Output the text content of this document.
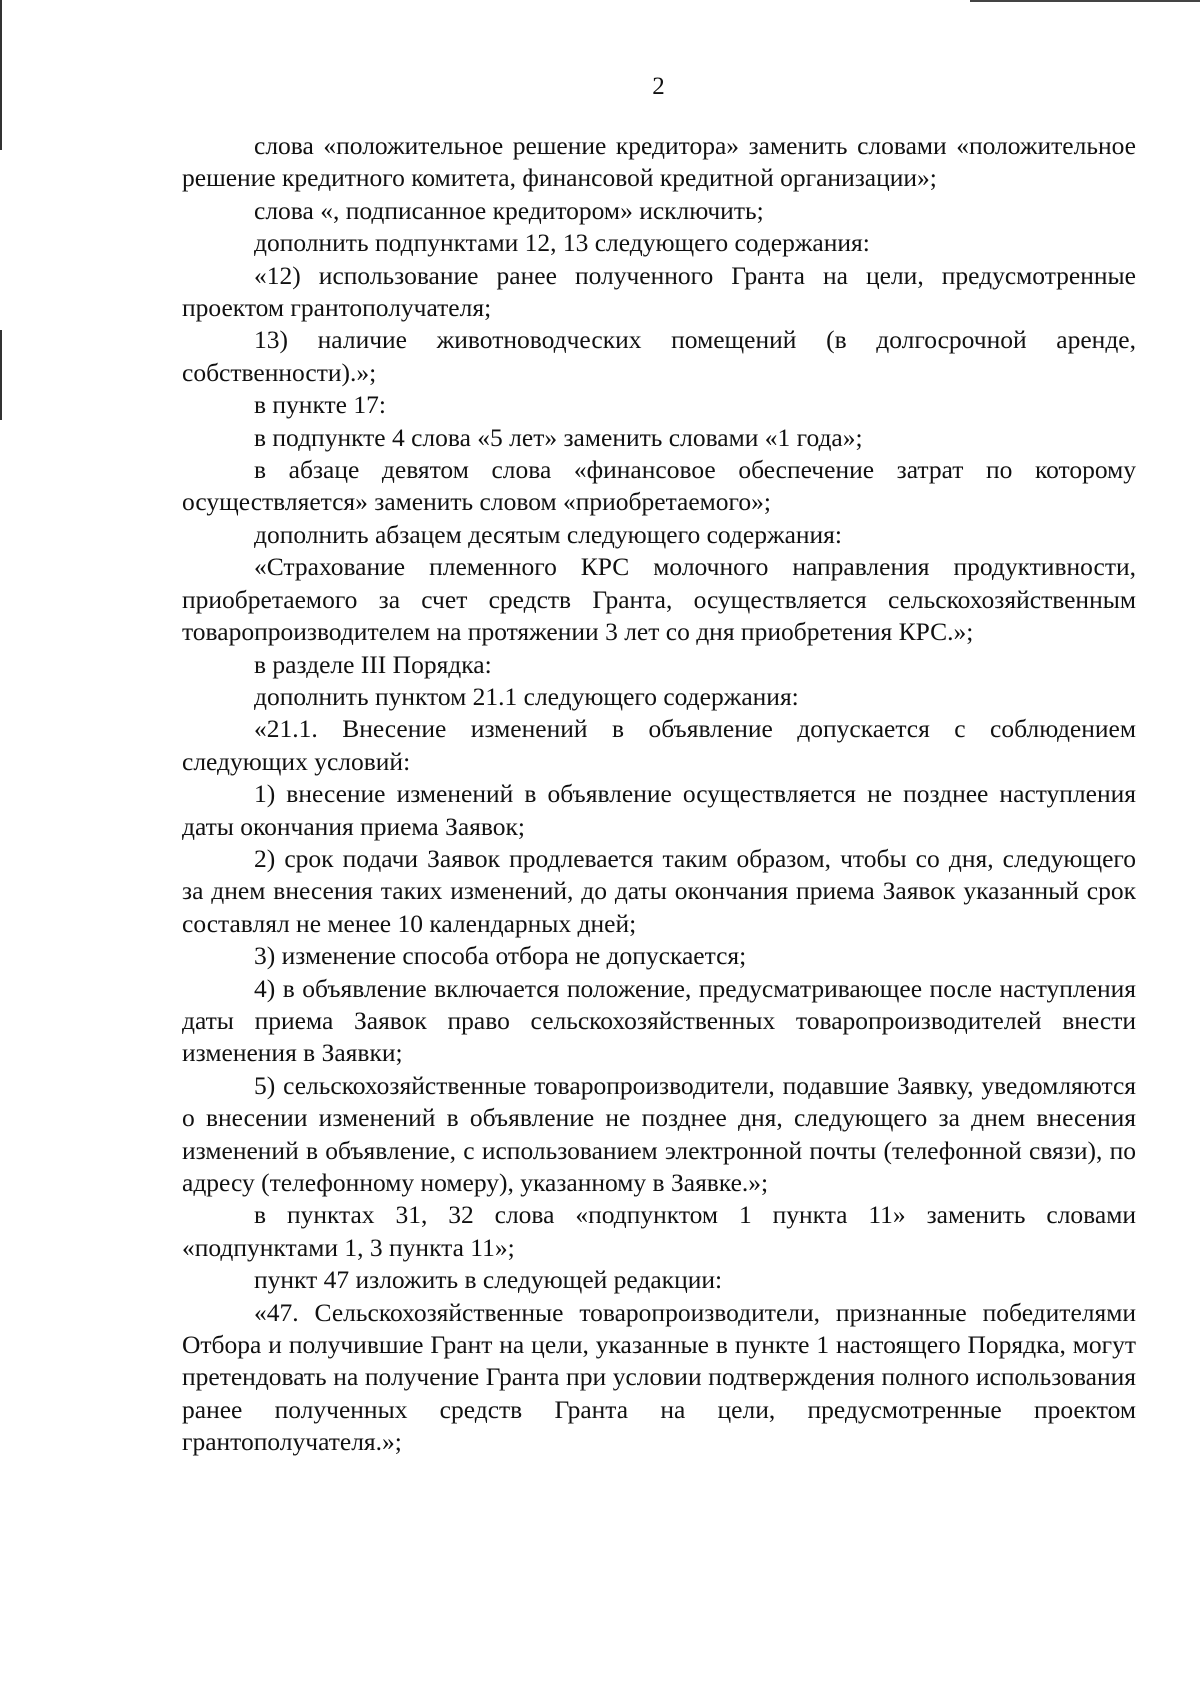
2

слова «положительное решение кредитора» заменить словами «положительное решение кредитного комитета, финансовой кредитной организации»;

слова «, подписанное кредитором» исключить;

дополнить подпунктами 12, 13 следующего содержания:

«12) использование ранее полученного Гранта на цели, предусмотренные проектом грантополучателя;

13) наличие животноводческих помещений (в долгосрочной аренде, собственности).»;

в пункте 17:

в подпункте 4 слова «5 лет» заменить словами «1 года»;

в абзаце девятом слова «финансовое обеспечение затрат по которому осуществляется» заменить словом «приобретаемого»;

дополнить абзацем десятым следующего содержания:

«Страхование племенного КРС молочного направления продуктивности, приобретаемого за счет средств Гранта, осуществляется сельскохозяйственным товаропроизводителем на протяжении 3 лет со дня приобретения КРС.»;

в разделе III Порядка:

дополнить пунктом 21.1 следующего содержания:

«21.1. Внесение изменений в объявление допускается с соблюдением следующих условий:

1) внесение изменений в объявление осуществляется не позднее наступления даты окончания приема Заявок;

2) срок подачи Заявок продлевается таким образом, чтобы со дня, следующего за днем внесения таких изменений, до даты окончания приема Заявок указанный срок составлял не менее 10 календарных дней;

3) изменение способа отбора не допускается;

4) в объявление включается положение, предусматривающее после наступления даты приема Заявок право сельскохозяйственных товаропроизводителей внести изменения в Заявки;

5) сельскохозяйственные товаропроизводители, подавшие Заявку, уведомляются о внесении изменений в объявление не позднее дня, следующего за днем внесения изменений в объявление, с использованием электронной почты (телефонной связи), по адресу (телефонному номеру), указанному в Заявке.»;

в пунктах 31, 32 слова «подпунктом 1 пункта 11» заменить словами «подпунктами 1, 3 пункта 11»;

пункт 47 изложить в следующей редакции:

«47. Сельскохозяйственные товаропроизводители, признанные победителями Отбора и получившие Грант на цели, указанные в пункте 1 настоящего Порядка, могут претендовать на получение Гранта при условии подтверждения полного использования ранее полученных средств Гранта на цели, предусмотренные проектом грантополучателя.»;
